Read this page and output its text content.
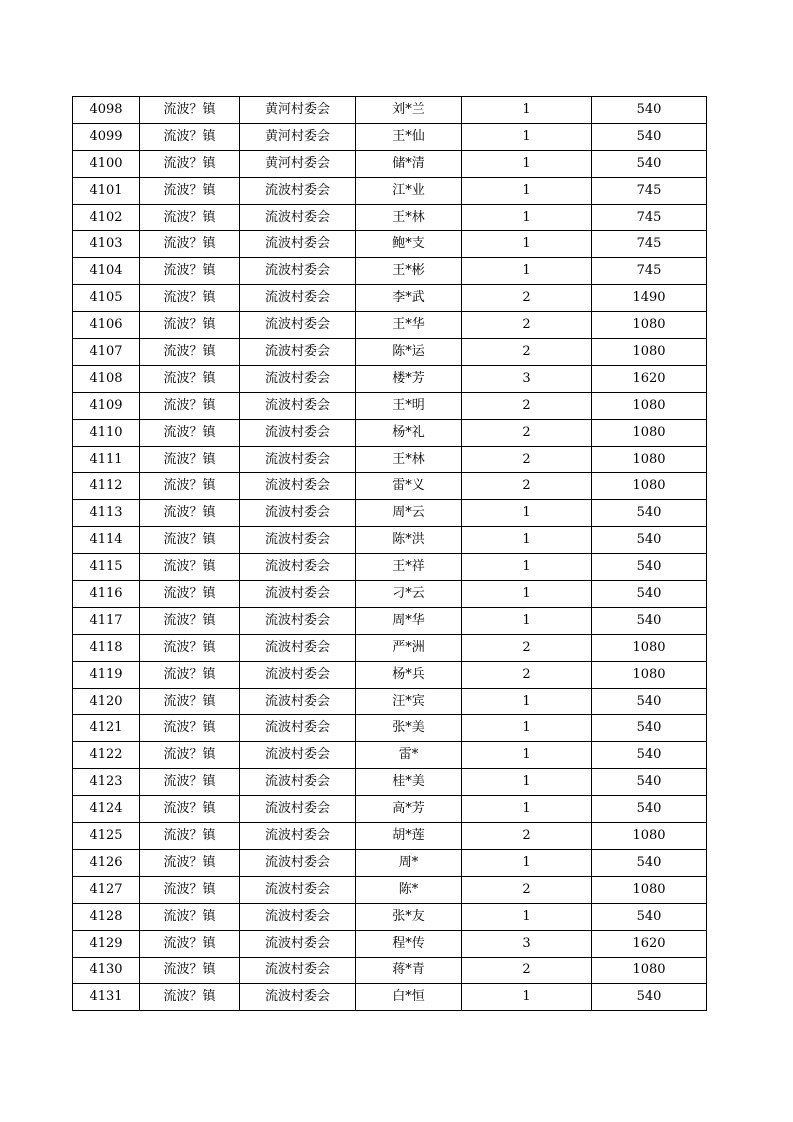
4098	流波？镇	黄河村委会	刘*兰	1	540
4099	流波？镇	黄河村委会	王*仙	1	540
4100	流波？镇	黄河村委会	储*清	1	540
4101	流波？镇	流波村委会	江*业	1	745
4102	流波？镇	流波村委会	王*林	1	745
4103	流波？镇	流波村委会	鲍*支	1	745
4104	流波？镇	流波村委会	王*彬	1	745
4105	流波？镇	流波村委会	李*武	2	1490
4106	流波？镇	流波村委会	王*华	2	1080
4107	流波？镇	流波村委会	陈*运	2	1080
4108	流波？镇	流波村委会	楼*芳	3	1620
4109	流波？镇	流波村委会	王*明	2	1080
4110	流波？镇	流波村委会	杨*礼	2	1080
4111	流波？镇	流波村委会	王*林	2	1080
4112	流波？镇	流波村委会	雷*义	2	1080
4113	流波？镇	流波村委会	周*云	1	540
4114	流波？镇	流波村委会	陈*洪	1	540
4115	流波？镇	流波村委会	王*祥	1	540
4116	流波？镇	流波村委会	刁*云	1	540
4117	流波？镇	流波村委会	周*华	1	540
4118	流波？镇	流波村委会	严*洲	2	1080
4119	流波？镇	流波村委会	杨*兵	2	1080
4120	流波？镇	流波村委会	汪*宾	1	540
4121	流波？镇	流波村委会	张*美	1	540
4122	流波？镇	流波村委会	雷*	1	540
4123	流波？镇	流波村委会	桂*美	1	540
4124	流波？镇	流波村委会	高*芳	1	540
4125	流波？镇	流波村委会	胡*莲	2	1080
4126	流波？镇	流波村委会	周*	1	540
4127	流波？镇	流波村委会	陈*	2	1080
4128	流波？镇	流波村委会	张*友	1	540
4129	流波？镇	流波村委会	程*传	3	1620
4130	流波？镇	流波村委会	蒋*青	2	1080
4131	流波？镇	流波村委会	白*恒	1	540
